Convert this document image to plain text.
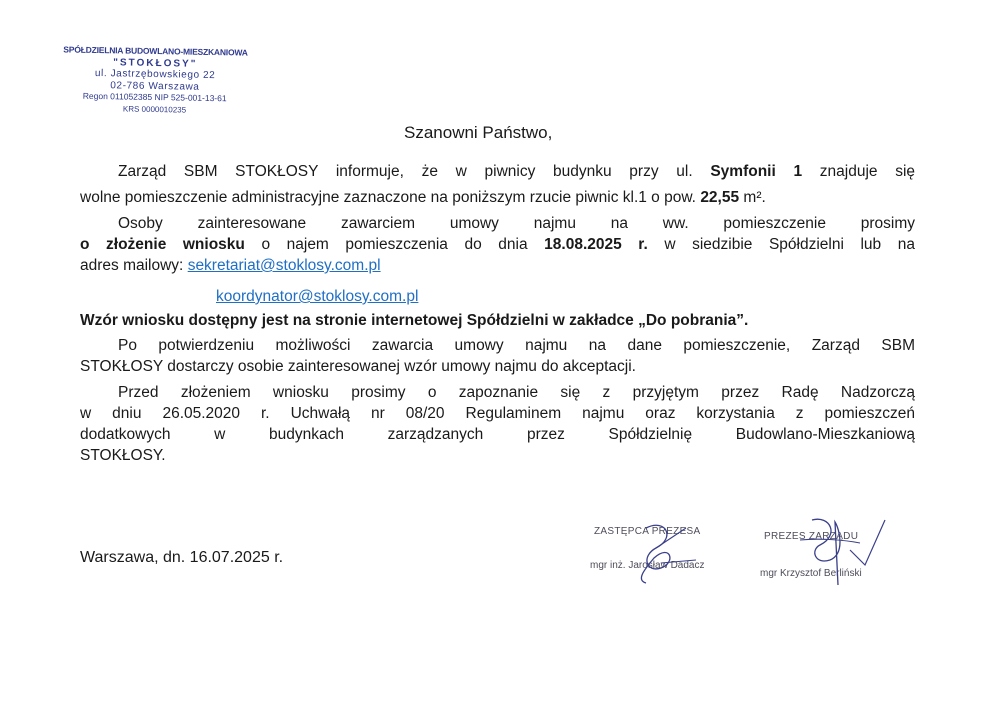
SPÓŁDZIELNIA BUDOWLANO-MIESZKANIOWA
"STOKŁOSY"
ul. Jastrzębowskiego 22
02-786 Warszawa
Regon 011052385 NIP 525-001-13-61
KRS 0000010235
Szanowni Państwo,
Zarząd SBM STOKŁOSY informuje, że w piwnicy budynku przy ul. Symfonii 1 znajduje się
wolne pomieszczenie administracyjne zaznaczone na poniższym rzucie piwnic kl.1 o pow. 22,55 m².
Osoby zainteresowane zawarciem umowy najmu na ww. pomieszczenie prosimy
o złożenie wniosku o najem pomieszczenia do dnia 18.08.2025 r. w siedzibie Spółdzielni lub na
adres mailowy: sekretariat@stoklosy.com.pl
koordynator@stoklosy.com.pl
Wzór wniosku dostępny jest na stronie internetowej Spółdzielni w zakładce „Do pobrania”.
Po potwierdzeniu możliwości zawarcia umowy najmu na dane pomieszczenie, Zarząd SBM
STOKŁOSY dostarczy osobie zainteresowanej wzór umowy najmu do akceptacji.
Przed złożeniem wniosku prosimy o zapoznanie się z przyjętym przez Radę Nadzorczą
w dniu 26.05.2020 r. Uchwałą nr 08/20 Regulaminem najmu oraz korzystania z pomieszczeń
dodatkowych w budynkach zarządzanych przez Spółdzielnię Budowlano-Mieszkaniową
STOKŁOSY.
Warszawa, dn. 16.07.2025 r.
ZASTĘPCA PREZESA
mgr inż. Jarosław Dadacz
PREZES ZARZĄDU
mgr Krzysztof Berliński
